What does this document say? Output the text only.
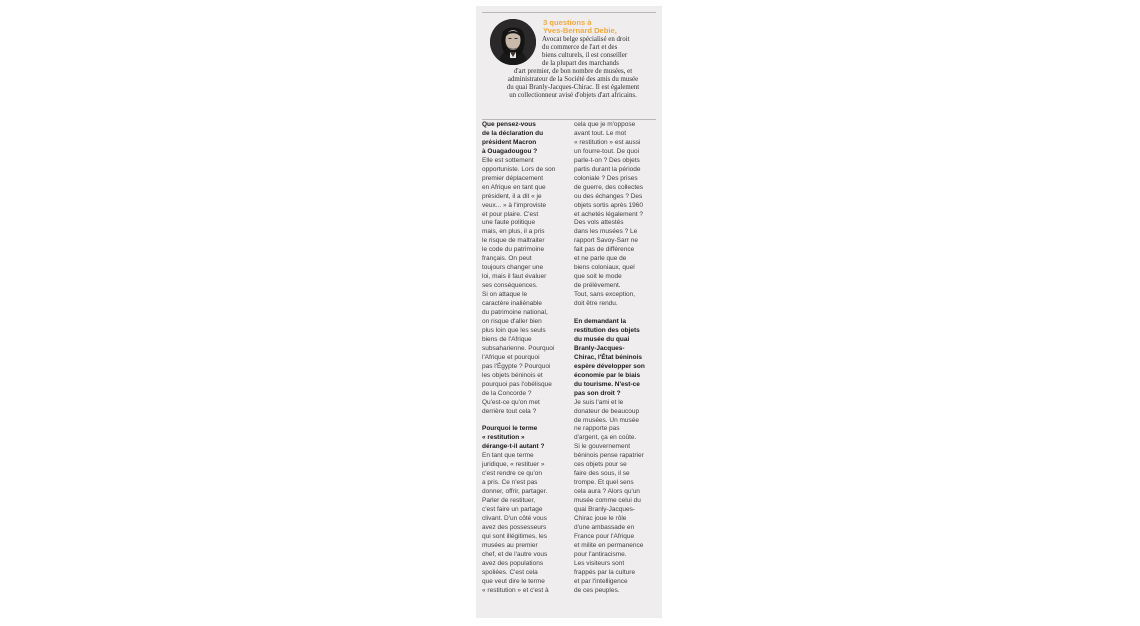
3 questions à
Yves-Bernard Debie,
Avocat belge spécialisé en droit
du commerce de l'art et des
biens culturels, il est conseiller
de la plupart des marchands
d'art premier, de bon nombre de musées, et
administrateur de la Société des amis du musée
du quai Branly-Jacques-Chirac. Il est également
un collectionneur avisé d'objets d'art africains.
Que pensez-vous
de la déclaration du
président Macron
à Ouagadougou ?
Elle est sottement
opportuniste. Lors de son
premier déplacement
en Afrique en tant que
président, il a dit « je
veux... » à l'improviste
et pour plaire. C'est
une faute politique
mais, en plus, il a pris
le risque de maltraiter
le code du patrimoine
français. On peut
toujours changer une
loi, mais il faut évaluer
ses conséquences.
Si on attaque le
caractère inaliénable
du patrimoine national,
on risque d'aller bien
plus loin que les seuls
biens de l'Afrique
subsaharienne. Pourquoi
l'Afrique et pourquoi
pas l'Égypte ? Pourquoi
les objets béninois et
pourquoi pas l'obélisque
de la Concorde ?
Qu'est-ce qu'on met
derrière tout cela ?
Pourquoi le terme
« restitution »
dérange-t-il autant ?
En tant que terme
juridique, « restituer »
c'est rendre ce qu'on
a pris. Ce n'est pas
donner, offrir, partager.
Parler de restituer,
c'est faire un partage
clivant. D'un côté vous
avez des possesseurs
qui sont illégitimes, les
musées au premier
chef, et de l'autre vous
avez des populations
spoliées. C'est cela
que veut dire le terme
« restitution » et c'est à
cela que je m'oppose
avant tout. Le mot
« restitution » est aussi
un fourre-tout. De quoi
parle-t-on ? Des objets
partis durant la période
coloniale ? Des prises
de guerre, des collectes
ou des échanges ? Des
objets sortis après 1960
et achetés légalement ?
Des vols attestés
dans les musées ? Le
rapport Savoy-Sarr ne
fait pas de différence
et ne parle que de
biens coloniaux, quel
que soit le mode
de prélèvement.
Tout, sans exception,
doit être rendu.
En demandant la
restitution des objets
du musée du quai
Branly-Jacques-
Chirac, l'État béninois
espère développer son
économie par le biais
du tourisme. N'est-ce
pas son droit ?
Je suis l'ami et le
donateur de beaucoup
de musées. Un musée
ne rapporte pas
d'argent, ça en coûte.
Si le gouvernement
béninois pense rapatrier
ces objets pour se
faire des sous, il se
trompe. Et quel sens
cela aura ? Alors qu'un
musée comme celui du
quai Branly-Jacques-
Chirac joue le rôle
d'une ambassade en
France pour l'Afrique
et milite en permanence
pour l'antiracisme.
Les visiteurs sont
frappés par la culture
et par l'intelligence
de ces peuples.
